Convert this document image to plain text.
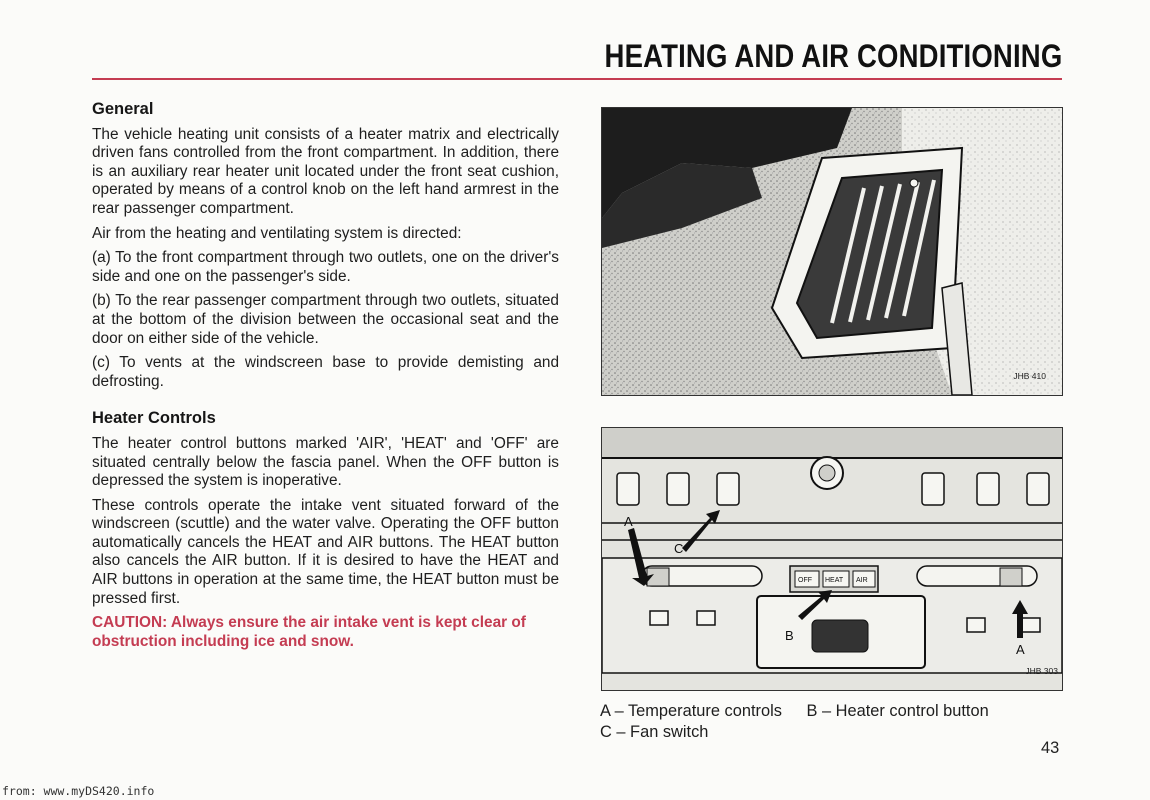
HEATING AND AIR CONDITIONING
General

The vehicle heating unit consists of a heater matrix and electrically driven fans controlled from the front compartment. In addition, there is an auxiliary rear heater unit located under the front seat cushion, operated by means of a control knob on the left hand armrest in the rear passenger compartment.

Air from the heating and ventilating system is directed:

(a) To the front compartment through two outlets, one on the driver's side and one on the passenger's side.

(b) To the rear passenger compartment through two outlets, situated at the bottom of the division between the occasional seat and the door on either side of the vehicle.

(c) To vents at the windscreen base to provide demisting and defrosting.

Heater Controls

The heater control buttons marked 'AIR', 'HEAT' and 'OFF' are situated centrally below the fascia panel. When the OFF button is depressed the system is inoperative.

These controls operate the intake vent situated forward of the windscreen (scuttle) and the water valve. Operating the OFF button automatically cancels the HEAT and AIR buttons. The HEAT button also cancels the AIR button. If it is desired to have the HEAT and AIR buttons in operation at the same time, the HEAT button must be pressed first.

CAUTION: Always ensure the air intake vent is kept clear of obstruction including ice and snow.

JHB 410
OFF HEAT AIR
A
C
B
A
JHB 303
A – Temperature controls B – Heater control button
C – Fan switch
43
from: www.myDS420.info
